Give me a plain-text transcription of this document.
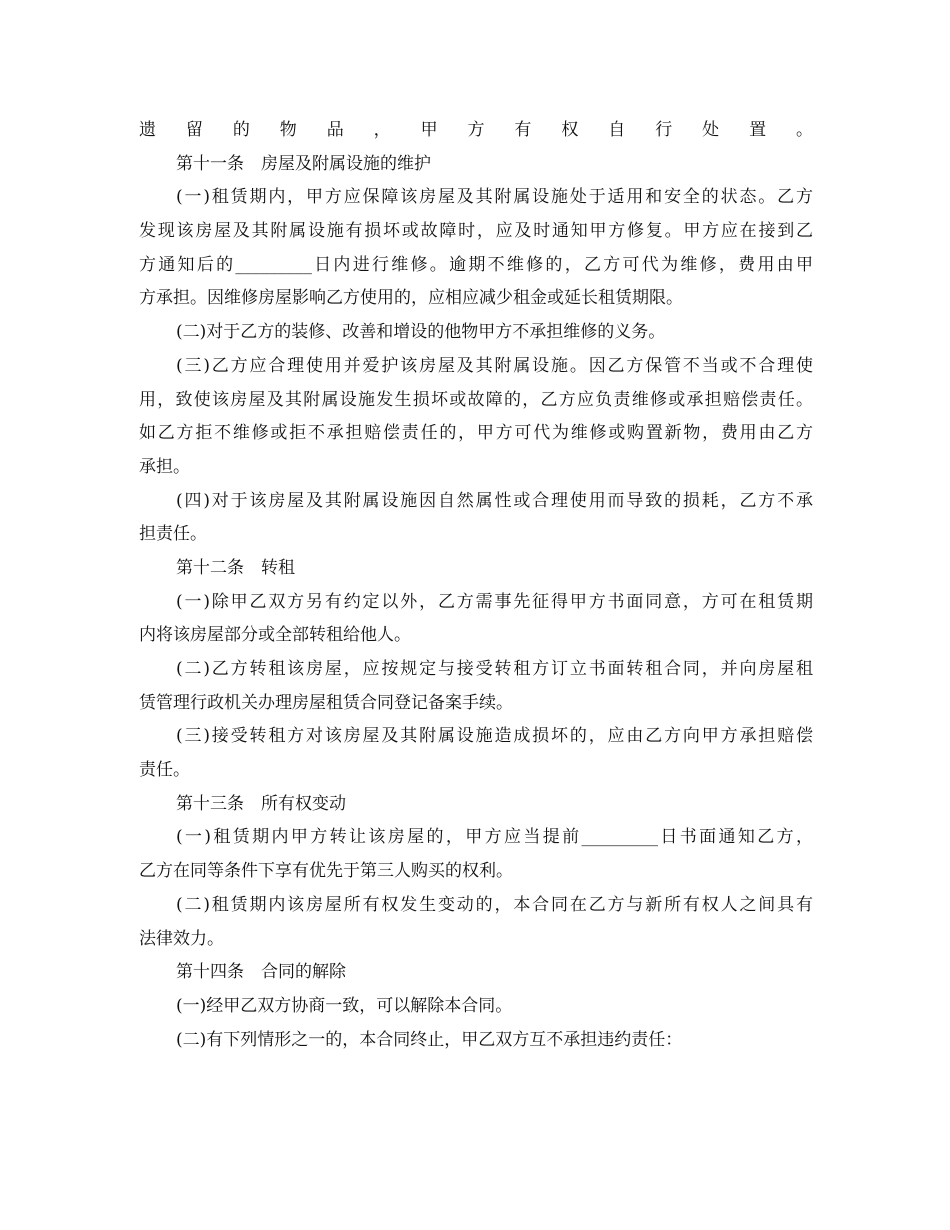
遗留的物品，甲方有权自行处置。
第十一条　房屋及附属设施的维护
(一)租赁期内，甲方应保障该房屋及其附属设施处于适用和安全的状态。乙方
发现该房屋及其附属设施有损坏或故障时，应及时通知甲方修复。甲方应在接到乙
方通知后的_________日内进行维修。逾期不维修的，乙方可代为维修，费用由甲
方承担。因维修房屋影响乙方使用的，应相应减少租金或延长租赁期限。
(二)对于乙方的装修、改善和增设的他物甲方不承担维修的义务。
(三)乙方应合理使用并爱护该房屋及其附属设施。因乙方保管不当或不合理使
用，致使该房屋及其附属设施发生损坏或故障的，乙方应负责维修或承担赔偿责任。
如乙方拒不维修或拒不承担赔偿责任的，甲方可代为维修或购置新物，费用由乙方
承担。
(四)对于该房屋及其附属设施因自然属性或合理使用而导致的损耗，乙方不承
担责任。
第十二条　转租
(一)除甲乙双方另有约定以外，乙方需事先征得甲方书面同意，方可在租赁期
内将该房屋部分或全部转租给他人。
(二)乙方转租该房屋，应按规定与接受转租方订立书面转租合同，并向房屋租
赁管理行政机关办理房屋租赁合同登记备案手续。
(三)接受转租方对该房屋及其附属设施造成损坏的，应由乙方向甲方承担赔偿
责任。
第十三条　所有权变动
(一)租赁期内甲方转让该房屋的，甲方应当提前_________日书面通知乙方，
乙方在同等条件下享有优先于第三人购买的权利。
(二)租赁期内该房屋所有权发生变动的，本合同在乙方与新所有权人之间具有
法律效力。
第十四条　合同的解除
(一)经甲乙双方协商一致，可以解除本合同。
(二)有下列情形之一的，本合同终止，甲乙双方互不承担违约责任：
